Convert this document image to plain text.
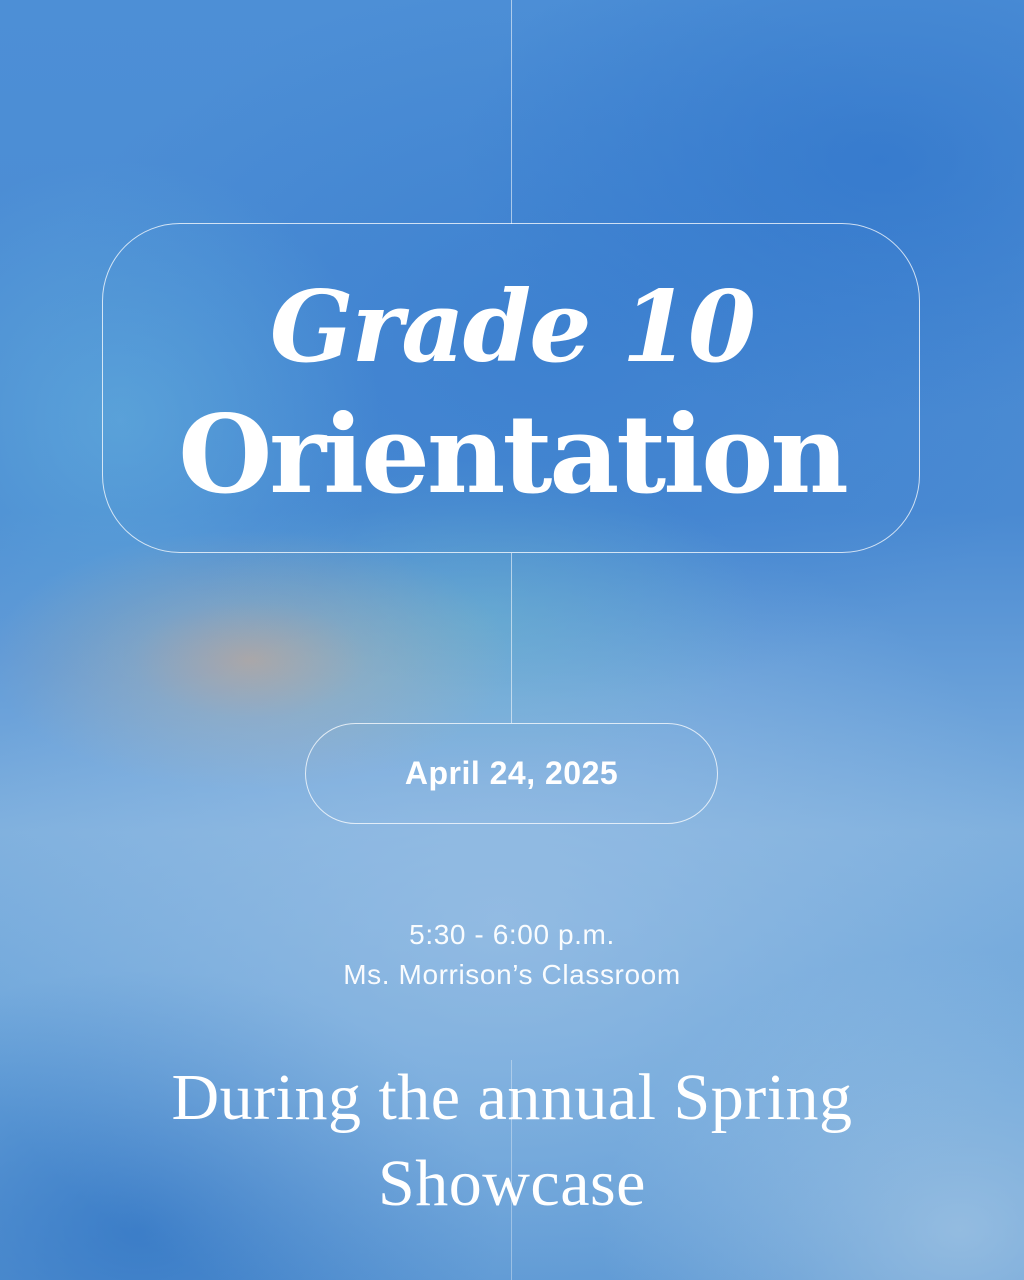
Grade 10
Orientation
April 24, 2025
5:30 - 6:00 p.m.
Ms. Morrison’s Classroom
During the annual Spring Showcase
